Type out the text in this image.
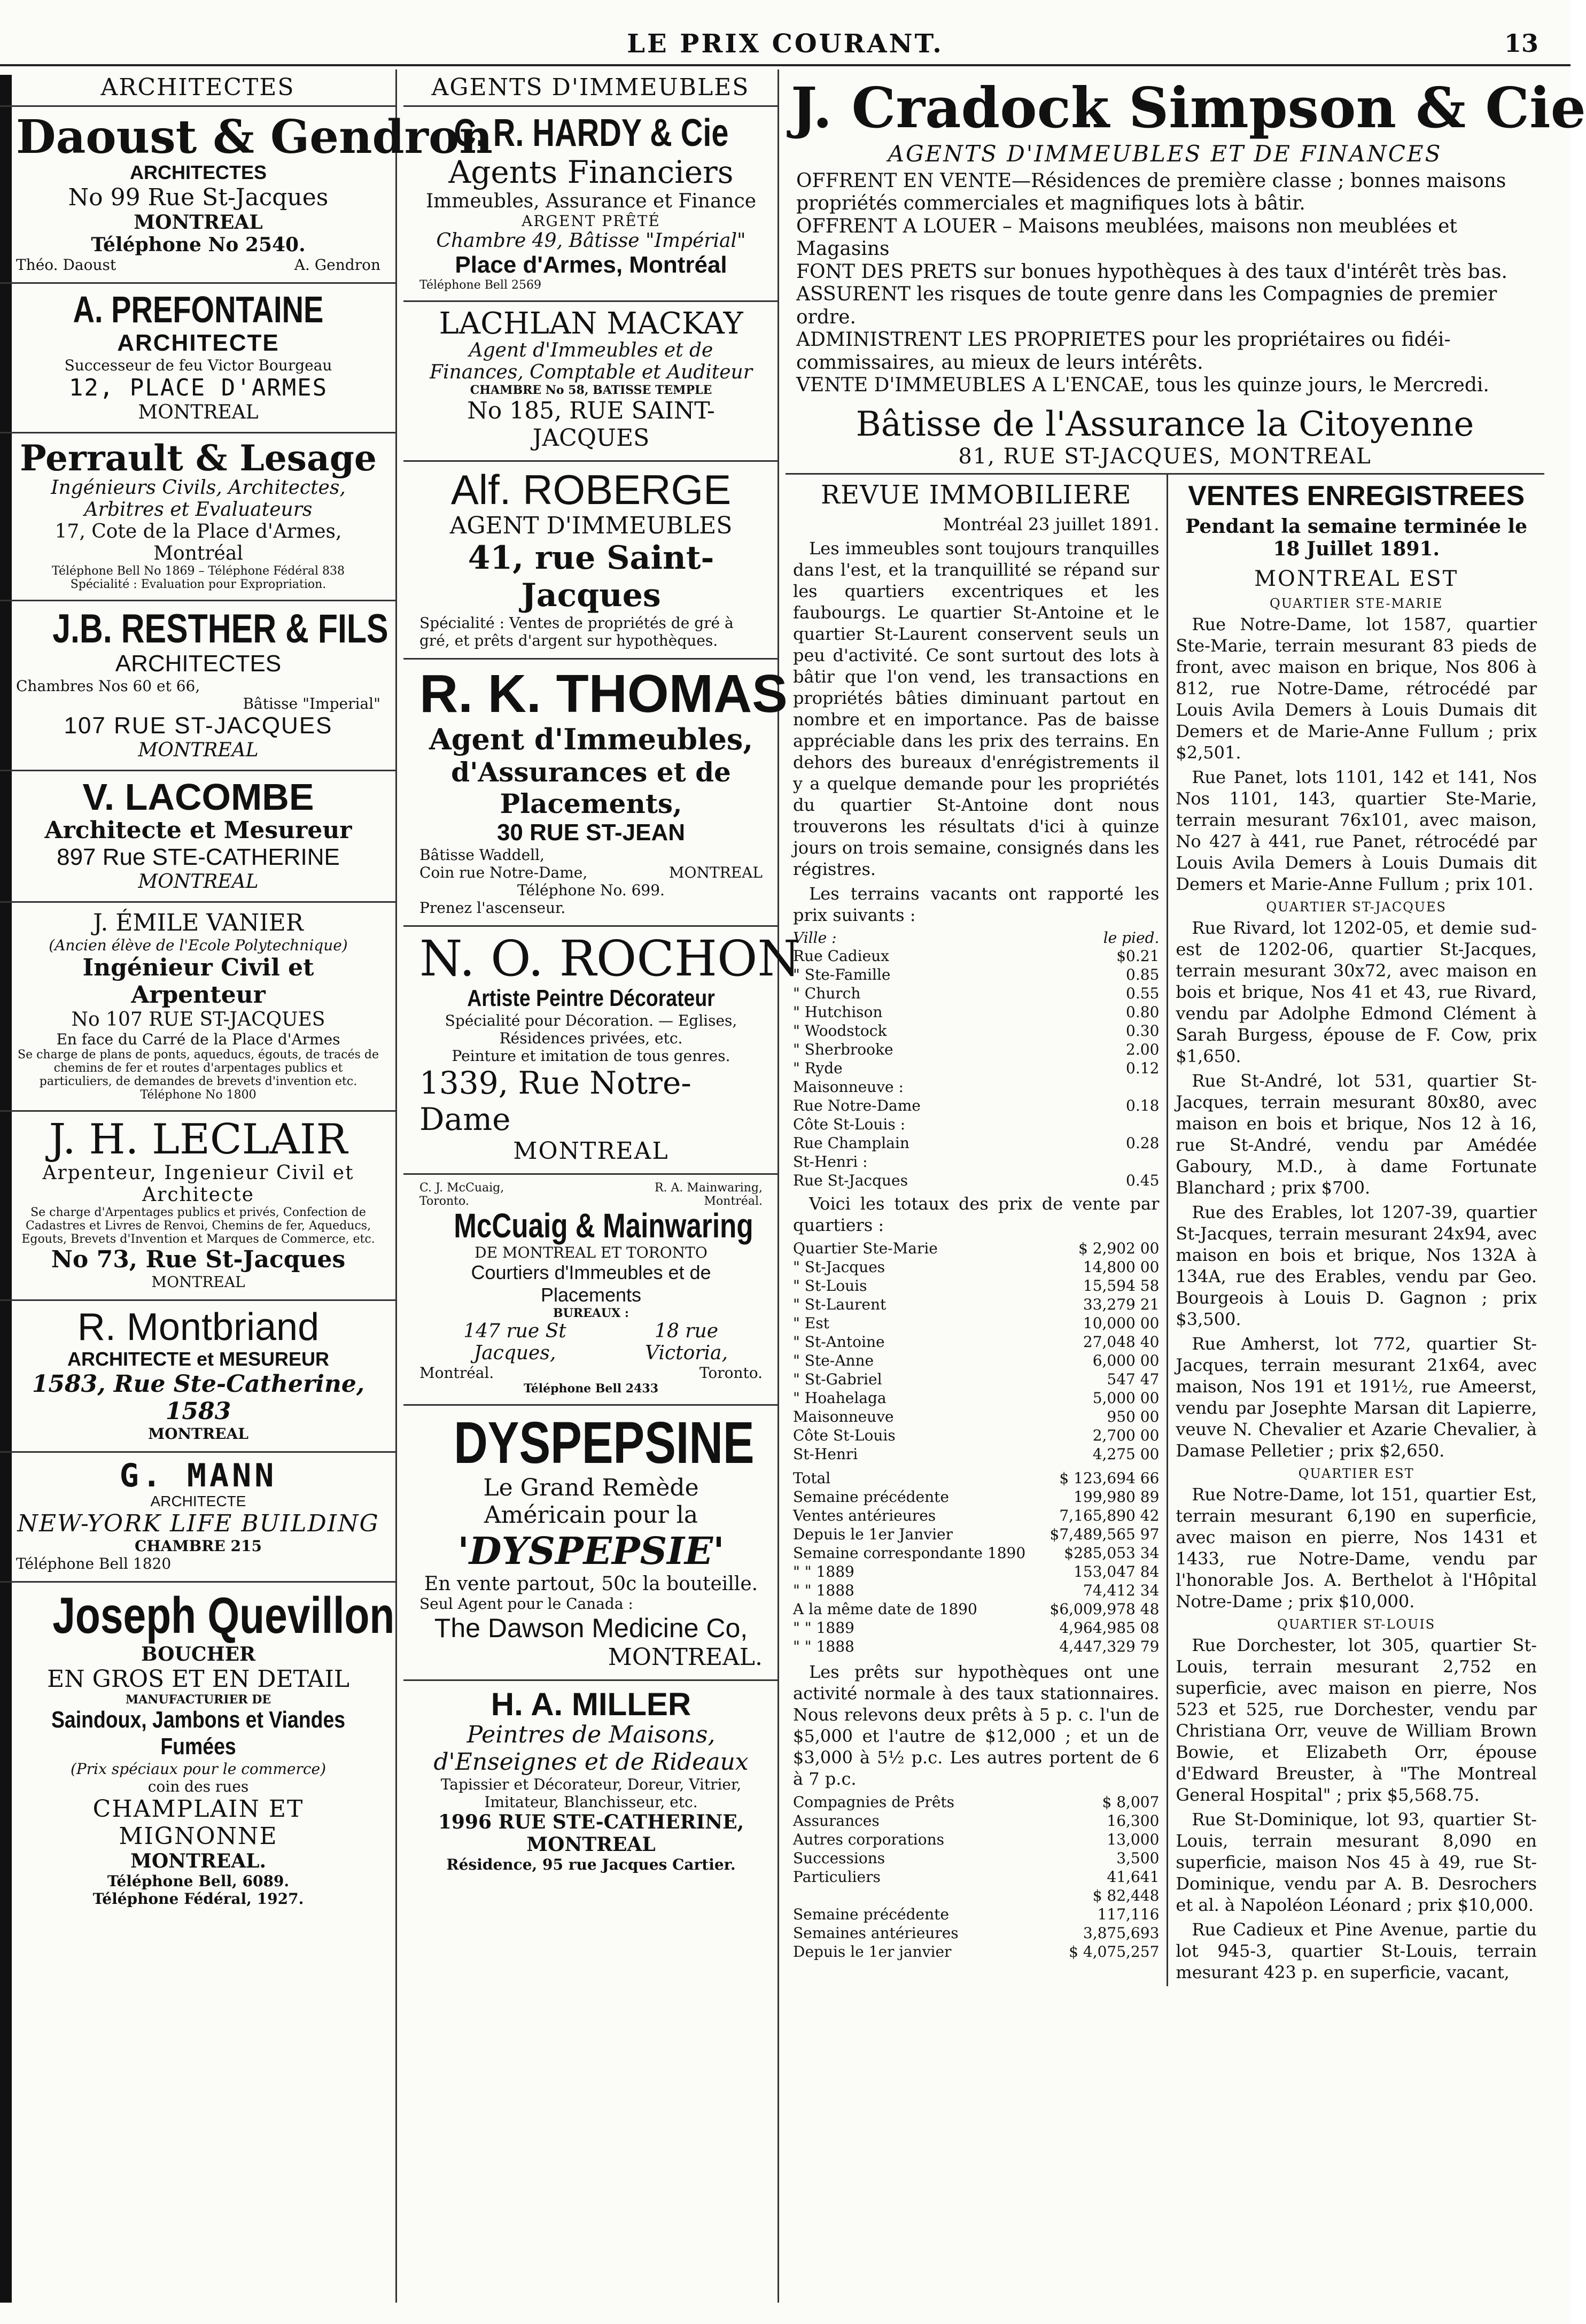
LE PRIX COURANT.	13
ARCHITECTES
Daoust & Gendron
ARCHITECTES
No 99 Rue St-Jacques
MONTREAL
Téléphone No 2540.
Théo. Daoust	A. Gendron
A. PREFONTAINE
ARCHITECTE
Successeur de feu Victor Bourgeau
12, PLACE D'ARMES
MONTREAL
Perrault & Lesage
Ingénieurs Civils, Architectes, Arbitres et Evaluateurs
17, Cote de la Place d'Armes, Montréal
Téléphone Bell No 1869 – Téléphone Fédéral 838
Spécialité : Evaluation pour Expropriation.
J.B. RESTHER & FILS
ARCHITECTES
Chambres Nos 60 et 66,
Bâtisse "Imperial"
107 RUE ST-JACQUES
MONTREAL
V. LACOMBE
Architecte et Mesureur
897 Rue STE-CATHERINE
MONTREAL
J. ÉMILE VANIER
(Ancien élève de l'Ecole Polytechnique)
Ingénieur Civil et Arpenteur
No 107 RUE ST-JACQUES
En face du Carré de la Place d'Armes
Se charge de plans de ponts, aqueducs, égouts, de tracés de chemins de fer et routes d'arpentages publics et particuliers, de demandes de brevets d'invention etc.
Téléphone No 1800
J. H. LECLAIR
Arpenteur, Ingenieur Civil et Architecte
Se charge d'Arpentages publics et privés, Confection de Cadastres et Livres de Renvoi, Chemins de fer, Aqueducs, Egouts, Brevets d'Invention et Marques de Commerce, etc.
No 73, Rue St-Jacques
MONTREAL
R. Montbriand
ARCHITECTE et MESUREUR
1583, Rue Ste-Catherine, 1583
MONTREAL
G. MANN
ARCHITECTE
NEW-YORK LIFE BUILDING
CHAMBRE 215
Téléphone Bell 1820
Joseph Quevillon
BOUCHER
EN GROS ET EN DETAIL
MANUFACTURIER DE
Saindoux, Jambons et Viandes Fumées
(Prix spéciaux pour le commerce)
coin des rues
CHAMPLAIN ET MIGNONNE
MONTREAL.
Téléphone Bell, 6089.
Téléphone Fédéral, 1927.
AGENTS D'IMMEUBLES
C. R. HARDY & Cie
Agents Financiers
Immeubles, Assurance et Finance
ARGENT PRÊTÉ
Chambre 49, Bâtisse "Impérial"
Place d'Armes, Montréal
Téléphone Bell 2569
LACHLAN MACKAY
Agent d'Immeubles et de Finances, Comptable et Auditeur
CHAMBRE No 58, BATISSE TEMPLE
No 185, RUE SAINT-JACQUES
Alf. ROBERGE
AGENT D'IMMEUBLES
41, rue Saint-Jacques
Spécialité : Ventes de propriétés de gré à gré, et prêts d'argent sur hypothèques.
R. K. THOMAS
Agent d'Immeubles,
d'Assurances et de Placements,
30 RUE ST-JEAN
Bâtisse Waddell,
Coin rue Notre-Dame,	MONTREAL
Téléphone No. 699.
Prenez l'ascenseur.
N. O. ROCHON
Artiste Peintre Décorateur
Spécialité pour Décoration. — Eglises, Résidences privées, etc.
Peinture et imitation de tous genres.
1339, Rue Notre-Dame
MONTREAL
C. J. McCuaig,	R. A. Mainwaring,
Toronto.	Montréal.
McCuaig & Mainwaring
DE MONTREAL ET TORONTO
Courtiers d'Immeubles et de Placements
BUREAUX :
147 rue St Jacques,
18 rue Victoria,
Montréal.	Toronto.
Téléphone Bell 2433
DYSPEPSINE
Le Grand Remède Américain pour la
'DYSPEPSIE'
En vente partout, 50c la bouteille.
Seul Agent pour le Canada :
The Dawson Medicine Co,
MONTREAL.
H. A. MILLER
Peintres de Maisons, d'Enseignes et de Rideaux
Tapissier et Décorateur, Doreur, Vitrier, Imitateur, Blanchisseur, etc.
1996 RUE STE-CATHERINE, MONTREAL
Résidence, 95 rue Jacques Cartier.
J. Cradock Simpson & Cie
AGENTS D'IMMEUBLES ET DE FINANCES
OFFRENT EN VENTE—Résidences de première classe ; bonnes maisons propriétés commerciales et magnifiques lots à bâtir.
OFFRENT A LOUER – Maisons meublées, maisons non meublées et Magasins
FONT DES PRETS sur bonues hypothèques à des taux d'intérêt très bas.
ASSURENT les risques de toute genre dans les Compagnies de premier ordre.
ADMINISTRENT LES PROPRIETES pour les propriétaires ou fidéi-commissaires, au mieux de leurs intérêts.
VENTE D'IMMEUBLES A L'ENCAE, tous les quinze jours, le Mercredi.
Bâtisse de l'Assurance la Citoyenne
81, RUE ST-JACQUES, MONTREAL
REVUE IMMOBILIERE
Montréal 23 juillet 1891.

Les immeubles sont toujours tranquilles dans l'est, et la tranquillité se répand sur les quartiers excentriques et les faubourgs. Le quartier St-Antoine et le quartier St-Laurent conservent seuls un peu d'activité. Ce sont surtout des lots à bâtir que l'on vend, les transactions en propriétés bâties diminuant partout en nombre et en importance. Pas de baisse appréciable dans les prix des terrains. En dehors des bureaux d'enrégistrements il y a quelque demande pour les propriétés du quartier St-Antoine dont nous trouverons les résultats d'ici à quinze jours on trois semaine, consignés dans les régistres.

Les terrains vacants ont rapporté les prix suivants :

Ville :	le pied.
Rue Cadieux	$0.21
" Ste-Famille	0.85
" Church	0.55
" Hutchison	0.80
" Woodstock	0.30
" Sherbrooke	2.00
" Ryde	0.12
Maisonneuve :	
Rue Notre-Dame	0.18
Côte St-Louis :	
Rue Champlain	0.28
St-Henri :	
Rue St-Jacques	0.45

Voici les totaux des prix de vente par quartiers :

Quartier Ste-Marie	$ 2,902 00
" St-Jacques	14,800 00
" St-Louis	15,594 58
" St-Laurent	33,279 21
" Est	10,000 00
" St-Antoine	27,048 40
" Ste-Anne	6,000 00
" St-Gabriel	547 47
" Hoahelaga	5,000 00
Maisonneuve	950 00
Côte St-Louis	2,700 00
St-Henri	4,275 00
Total	$ 123,694 66
Semaine précédente	199,980 89
Ventes antérieures	7,165,890 42
Depuis le 1er Janvier	$7,489,565 97
Semaine correspondante 1890	$285,053 34
" " 1889	153,047 84
" " 1888	74,412 34
A la même date de 1890	$6,009,978 48
" " 1889	4,964,985 08
" " 1888	4,447,329 79

Les prêts sur hypothèques ont une activité normale à des taux stationnaires. Nous relevons deux prêts à 5 p. c. l'un de $5,000 et l'autre de $12,000 ; et un de $3,000 à 5½ p.c. Les autres portent de 6 à 7 p.c.

Compagnies de Prêts	$ 8,007
Assurances	16,300
Autres corporations	13,000
Successions	3,500
Particuliers	41,641
	$ 82,448
Semaine précédente	117,116
Semaines antérieures	3,875,693
Depuis le 1er janvier	$ 4,075,257
VENTES ENREGISTREES
Pendant la semaine terminée le 18 Juillet 1891.
MONTREAL EST
QUARTIER STE-MARIE

Rue Notre-Dame, lot 1587, quartier Ste-Marie, terrain mesurant 83 pieds de front, avec maison en brique, Nos 806 à 812, rue Notre-Dame, rétrocédé par Louis Avila Demers à Louis Dumais dit Demers et de Marie-Anne Fullum ; prix $2,501.

Rue Panet, lots 1101, 142 et 141, Nos Nos 1101, 143, quartier Ste-Marie, terrain mesurant 76x101, avec maison, No 427 à 441, rue Panet, rétrocédé par Louis Avila Demers à Louis Dumais dit Demers et Marie-Anne Fullum ; prix 101.

QUARTIER ST-JACQUES

Rue Rivard, lot 1202-05, et demie sud-est de 1202-06, quartier St-Jacques, terrain mesurant 30x72, avec maison en bois et brique, Nos 41 et 43, rue Rivard, vendu par Adolphe Edmond Clément à Sarah Burgess, épouse de F. Cow, prix $1,650.

Rue St-André, lot 531, quartier St-Jacques, terrain mesurant 80x80, avec maison en bois et brique, Nos 12 à 16, rue St-André, vendu par Amédée Gaboury, M.D., à dame Fortunate Blanchard ; prix $700.

Rue des Erables, lot 1207-39, quartier St-Jacques, terrain mesurant 24x94, avec maison en bois et brique, Nos 132A à 134A, rue des Erables, vendu par Geo. Bourgeois à Louis D. Gagnon ; prix $3,500.

Rue Amherst, lot 772, quartier St-Jacques, terrain mesurant 21x64, avec maison, Nos 191 et 191½, rue Ameerst, vendu par Josephte Marsan dit Lapierre, veuve N. Chevalier et Azarie Chevalier, à Damase Pelletier ; prix $2,650.

QUARTIER EST

Rue Notre-Dame, lot 151, quartier Est, terrain mesurant 6,190 en superficie, avec maison en pierre, Nos 1431 et 1433, rue Notre-Dame, vendu par l'honorable Jos. A. Berthelot à l'Hôpital Notre-Dame ; prix $10,000.

QUARTIER ST-LOUIS

Rue Dorchester, lot 305, quartier St-Louis, terrain mesurant 2,752 en superficie, avec maison en pierre, Nos 523 et 525, rue Dorchester, vendu par Christiana Orr, veuve de William Brown Bowie, et Elizabeth Orr, épouse d'Edward Breuster, à "The Montreal General Hospital" ; prix $5,568.75.

Rue St-Dominique, lot 93, quartier St-Louis, terrain mesurant 8,090 en superficie, maison Nos 45 à 49, rue St-Dominique, vendu par A. B. Desrochers et al. à Napoléon Léonard ; prix $10,000.

Rue Cadieux et Pine Avenue, partie du lot 945-3, quartier St-Louis, terrain mesurant 423 p. en superficie, vacant,
